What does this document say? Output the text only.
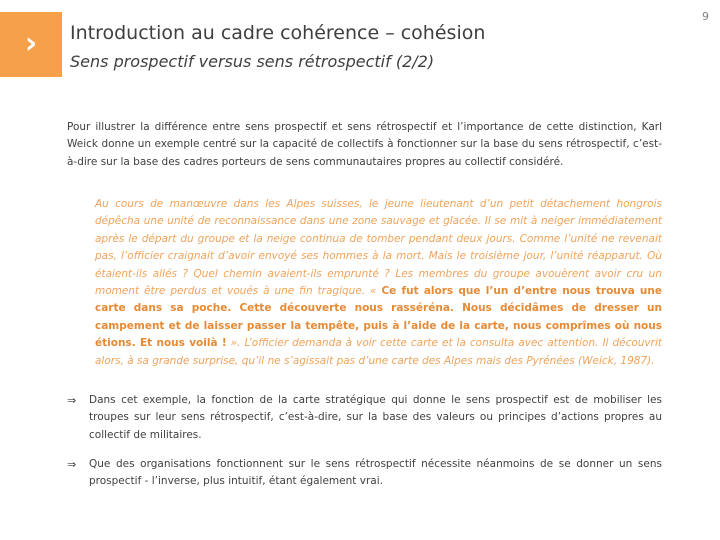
› Introduction au cadre cohérence – cohésion
Sens prospectif versus sens rétrospectif (2/2)
9

Pour illustrer la différence entre sens prospectif et sens rétrospectif et l’importance de cette distinction, Karl Weick donne un exemple centré sur la capacité de collectifs à fonctionner sur la base du sens rétrospectif, c’est-à-dire sur la base des cadres porteurs de sens communautaires propres au collectif considéré.

Au cours de manœuvre dans les Alpes suisses, le jeune lieutenant d’un petit détachement hongrois dépêcha une unité de reconnaissance dans une zone sauvage et glacée. Il se mit à neiger immédiatement après le départ du groupe et la neige continua de tomber pendant deux jours. Comme l’unité ne revenait pas, l’officier craignait d’avoir envoyé ses hommes à la mort. Mais le troisième jour, l’unité réapparut. Où étaient-ils allés ? Quel chemin avaient-ils emprunté ? Les membres du groupe avouèrent avoir cru un moment être perdus et voués à une fin tragique. « Ce fut alors que l’un d’entre nous trouva une carte dans sa poche. Cette découverte nous rasséréna. Nous décidâmes de dresser un campement et de laisser passer la tempête, puis à l’aide de la carte, nous comprîmes où nous étions. Et nous voilà ! ». L’officier demanda à voir cette carte et la consulta avec attention. Il découvrit alors, à sa grande surprise, qu’il ne s’agissait pas d’une carte des Alpes mais des Pyrénées (Weick, 1987).

⇒	Dans cet exemple, la fonction de la carte stratégique qui donne le sens prospectif est de mobiliser les troupes sur leur sens rétrospectif, c’est-à-dire, sur la base des valeurs ou principes d’actions propres au collectif de militaires.

⇒	Que des organisations fonctionnent sur le sens rétrospectif nécessite néanmoins de se donner un sens prospectif - l’inverse, plus intuitif, étant également vrai.
